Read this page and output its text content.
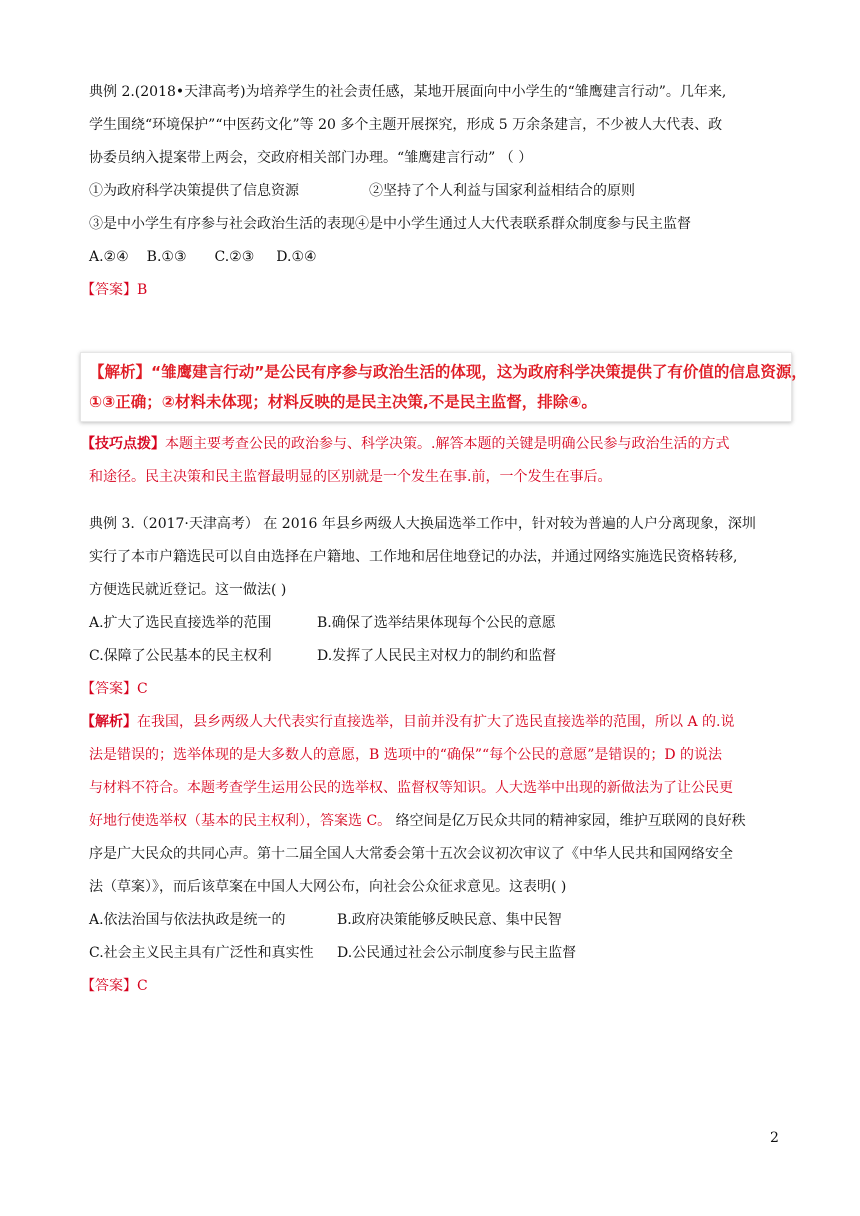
典例 2.(2018•天津高考)为培养学生的社会责任感，某地开展面向中小学生的“雏鹰建言行动”。几年来,
学生围绕“环境保护”“中医药文化”等 20 多个主题开展探究，形成 5 万余条建言，不少被人大代表、政
协委员纳入提案带上两会，交政府相关部门办理。“雏鹰建言行动” （ ）
①为政府科学决策提供了信息资源	②坚持了个人利益与国家利益相结合的原则
③是中小学生有序参与社会政治生活的表现④是中小学生通过人大代表联系群众制度参与民主监督
A.②④ B.①③ C.②③ D.①④
【答案】B
【解析】“雏鹰建言行动”是公民有序参与政治生活的体现，这为政府科学决策提供了有价值的信息资源，
①③正确；②材料未体现；材料反映的是民主决策,不是民主监督，排除④。
【技巧点拨】本题主要考查公民的政治参与、科学决策。.解答本题的关键是明确公民参与政治生活的方式
和途径。民主决策和民主监督最明显的区别就是一个发生在事.前，一个发生在事后。
典例 3.（2017·天津高考） 在 2016 年县乡两级人大换届选举工作中，针对较为普遍的人户分离现象，深圳
实行了本市户籍选民可以自由选择在户籍地、工作地和居住地登记的办法，并通过网络实施选民资格转移,
方便选民就近登记。这一做法( )
A.扩大了选民直接选举的范围	B.确保了选举结果体现每个公民的意愿
C.保障了公民基本的民主权利	D.发挥了人民民主对权力的制约和监督
【答案】C
【解析】在我国，县乡两级人大代表实行直接选举，目前并没有扩大了选民直接选举的范围，所以 A 的.说
法是错误的；选举体现的是大多数人的意愿，B 选项中的“确保”“每个公民的意愿”是错误的；D 的说法
与材料不符合。本题考查学生运用公民的选举权、监督权等知识。人大选举中出现的新做法为了让公民更
好地行使选举权（基本的民主权利），答案选 C。 络空间是亿万民众共同的精神家园，维护互联网的良好秩
序是广大民众的共同心声。第十二届全国人大常委会第十五次会议初次审议了《中华人民共和国网络安全
法（草案）》，而后该草案在中国人大网公布，向社会公众征求意见。这表明( )
A.依法治国与依法执政是统一的	B.政府决策能够反映民意、集中民智
C.社会主义民主具有广泛性和真实性 D.公民通过社会公示制度参与民主监督
【答案】C
2
